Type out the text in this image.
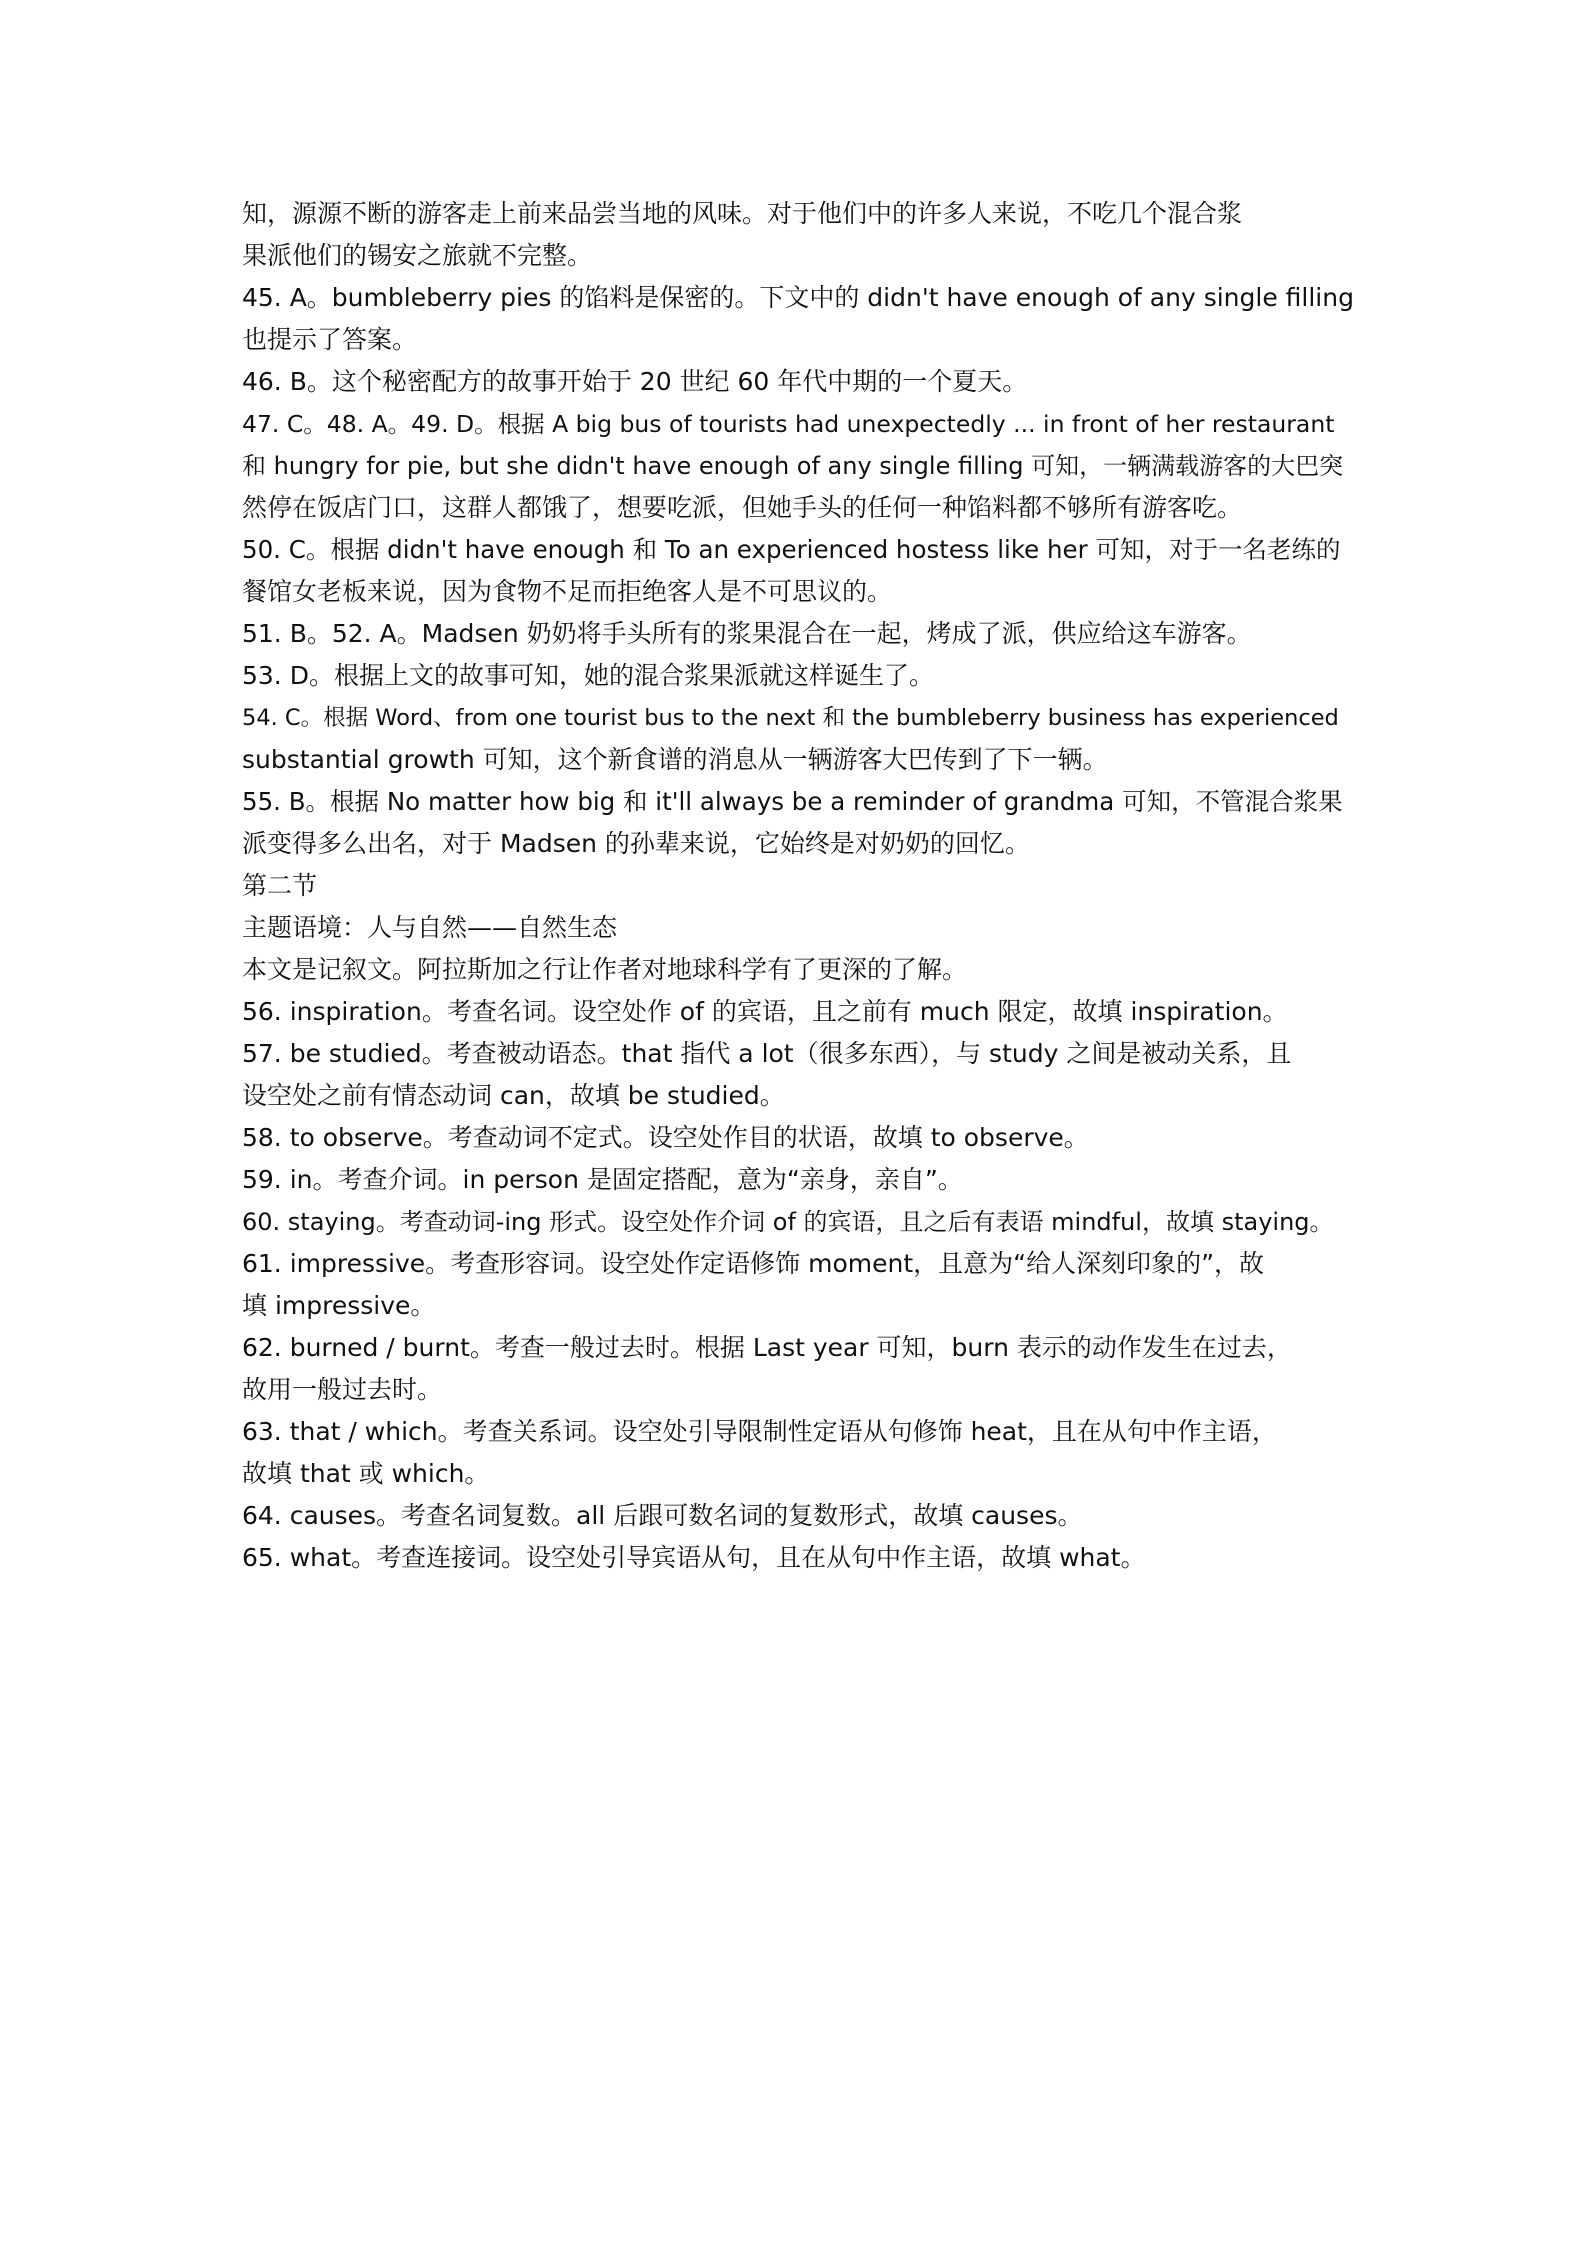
知，源源不断的游客走上前来品尝当地的风味。对于他们中的许多人来说，不吃几个混合浆
果派他们的锡安之旅就不完整。
45. A。bumbleberry pies 的馅料是保密的。下文中的 didn't have enough of any single filling
也提示了答案。
46. B。这个秘密配方的故事开始于 20 世纪 60 年代中期的一个夏天。
47. C。48. A。49. D。根据 A big bus of tourists had unexpectedly ... in front of her restaurant
和 hungry for pie, but she didn't have enough of any single filling 可知，一辆满载游客的大巴突
然停在饭店门口，这群人都饿了，想要吃派，但她手头的任何一种馅料都不够所有游客吃。
50. C。根据 didn't have enough 和 To an experienced hostess like her 可知，对于一名老练的
餐馆女老板来说，因为食物不足而拒绝客人是不可思议的。
51. B。52. A。Madsen 奶奶将手头所有的浆果混合在一起，烤成了派，供应给这车游客。
53. D。根据上文的故事可知，她的混合浆果派就这样诞生了。
54. C。根据 Word、from one tourist bus to the next 和 the bumbleberry business has experienced
substantial growth 可知，这个新食谱的消息从一辆游客大巴传到了下一辆。
55. B。根据 No matter how big 和 it'll always be a reminder of grandma 可知，不管混合浆果
派变得多么出名，对于 Madsen 的孙辈来说，它始终是对奶奶的回忆。
第二节
主题语境：人与自然——自然生态
本文是记叙文。阿拉斯加之行让作者对地球科学有了更深的了解。
56. inspiration。考查名词。设空处作 of 的宾语，且之前有 much 限定，故填 inspiration。
57. be studied。考查被动语态。that 指代 a lot（很多东西），与 study 之间是被动关系，且
设空处之前有情态动词 can，故填 be studied。
58. to observe。考查动词不定式。设空处作目的状语，故填 to observe。
59. in。考查介词。in person 是固定搭配，意为“亲身，亲自”。
60. staying。考查动词-ing 形式。设空处作介词 of 的宾语，且之后有表语 mindful，故填 staying。
61. impressive。考查形容词。设空处作定语修饰 moment，且意为“给人深刻印象的”，故
填 impressive。
62. burned / burnt。考查一般过去时。根据 Last year 可知，burn 表示的动作发生在过去，
故用一般过去时。
63. that / which。考查关系词。设空处引导限制性定语从句修饰 heat，且在从句中作主语，
故填 that 或 which。
64. causes。考查名词复数。all 后跟可数名词的复数形式，故填 causes。
65. what。考查连接词。设空处引导宾语从句，且在从句中作主语，故填 what。
